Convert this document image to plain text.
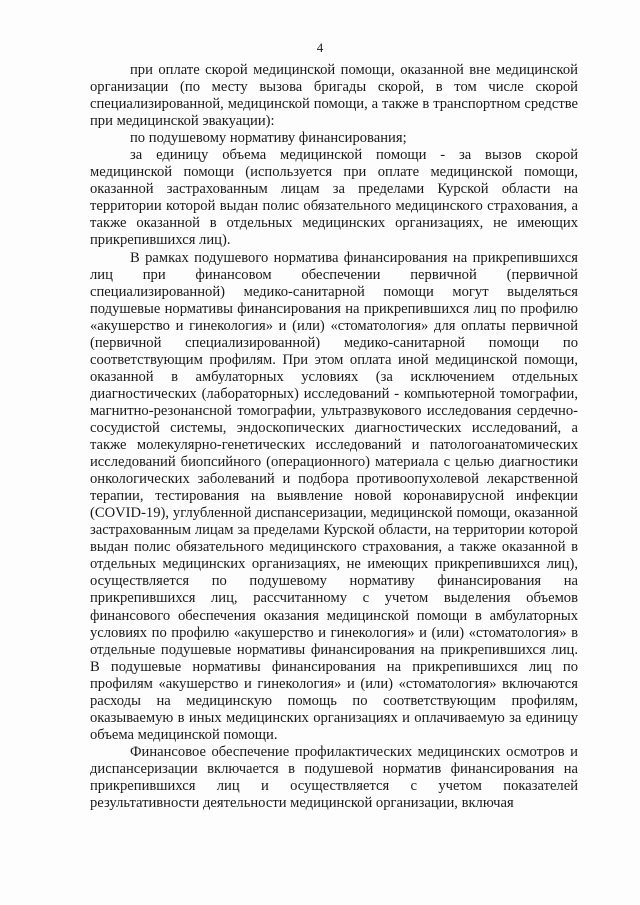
4

при оплате скорой медицинской помощи, оказанной вне медицинской организации (по месту вызова бригады скорой, в том числе скорой специализированной, медицинской помощи, а также в транспортном средстве при медицинской эвакуации):

по подушевому нормативу финансирования;

за единицу объема медицинской помощи - за вызов скорой медицинской помощи (используется при оплате медицинской помощи, оказанной застрахованным лицам за пределами Курской области на территории которой выдан полис обязательного медицинского страхования, а также оказанной в отдельных медицинских организациях, не имеющих прикрепившихся лиц).

В рамках подушевого норматива финансирования на прикрепившихся лиц при финансовом обеспечении первичной (первичной специализированной) медико-санитарной помощи могут выделяться подушевые нормативы финансирования на прикрепившихся лиц по профилю «акушерство и гинекология» и (или) «стоматология» для оплаты первичной (первичной специализированной) медико-санитарной помощи по соответствующим профилям. При этом оплата иной медицинской помощи, оказанной в амбулаторных условиях (за исключением отдельных диагностических (лабораторных) исследований - компьютерной томографии, магнитно-резонансной томографии, ультразвукового исследования сердечно-сосудистой системы, эндоскопических диагностических исследований, а также молекулярно-генетических исследований и патологоанатомических исследований биопсийного (операционного) материала с целью диагностики онкологических заболеваний и подбора противоопухолевой лекарственной терапии, тестирования на выявление новой коронавирусной инфекции (COVID-19), углубленной диспансеризации, медицинской помощи, оказанной застрахованным лицам за пределами Курской области, на территории которой выдан полис обязательного медицинского страхования, а также оказанной в отдельных медицинских организациях, не имеющих прикрепившихся лиц), осуществляется по подушевому нормативу финансирования на прикрепившихся лиц, рассчитанному с учетом выделения объемов финансового обеспечения оказания медицинской помощи в амбулаторных условиях по профилю «акушерство и гинекология» и (или) «стоматология» в отдельные подушевые нормативы финансирования на прикрепившихся лиц. В подушевые нормативы финансирования на прикрепившихся лиц по профилям «акушерство и гинекология» и (или) «стоматология» включаются расходы на медицинскую помощь по соответствующим профилям, оказываемую в иных медицинских организациях и оплачиваемую за единицу объема медицинской помощи.

Финансовое обеспечение профилактических медицинских осмотров и диспансеризации включается в подушевой норматив финансирования на прикрепившихся лиц и осуществляется с учетом показателей результативности деятельности медицинской организации, включая
